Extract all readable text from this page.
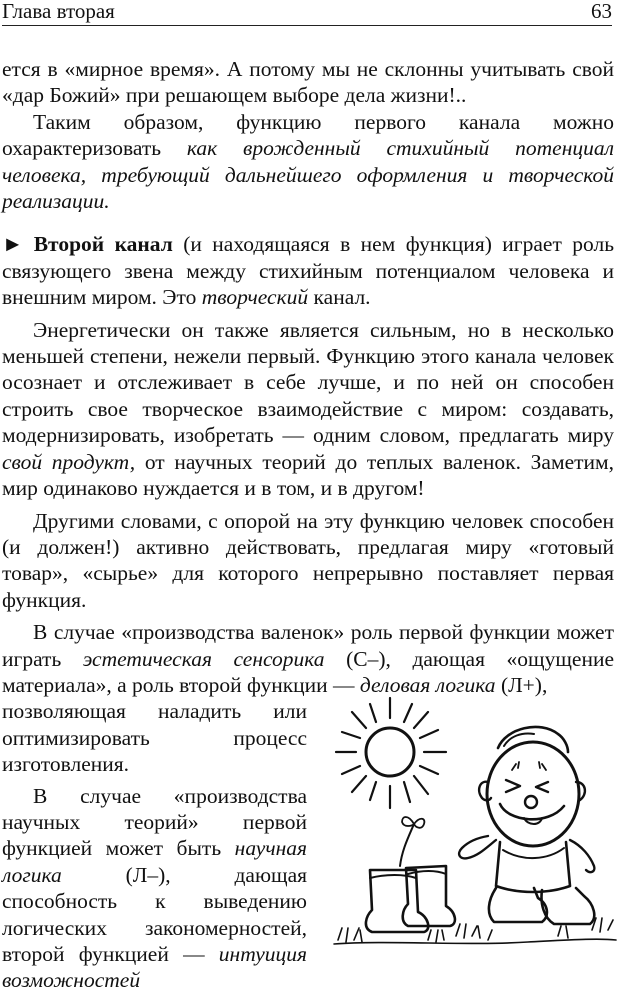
Глава вторая	63

ется в «мирное время». А потому мы не склонны учитывать свой «дар Божий» при решающем выборе дела жизни!..

Таким образом, функцию первого канала можно охарактеризовать как врожденный стихийный потенциал человека, требующий дальнейшего оформления и творческой реализации.

► Второй канал (и находящаяся в нем функция) играет роль связующего звена между стихийным потенциалом человека и внешним миром. Это творческий канал.

Энергетически он также является сильным, но в несколько меньшей степени, нежели первый. Функцию этого канала человек осознает и отслеживает в себе лучше, и по ней он способен строить свое творческое взаимодействие с миром: создавать, модернизировать, изобретать — одним словом, предлагать миру свой продукт, от научных теорий до теплых валенок. Заметим, мир одинаково нуждается и в том, и в другом!

Другими словами, с опорой на эту функцию человек способен (и должен!) активно действовать, предлагая миру «готовый товар», «сырье» для которого непрерывно поставляет первая функция.

В случае «производства валенок» роль первой функции может играть эстетическая сенсорика (С–), дающая «ощущение материала», а роль второй функции — деловая логика (Л+),

позволяющая наладить или оптимизировать процесс изготовления.

В случае «производства научных теорий» первой функцией может быть научная логика (Л–), дающая способность к выведению логических закономерностей, второй функцией — интуиция возможностей
